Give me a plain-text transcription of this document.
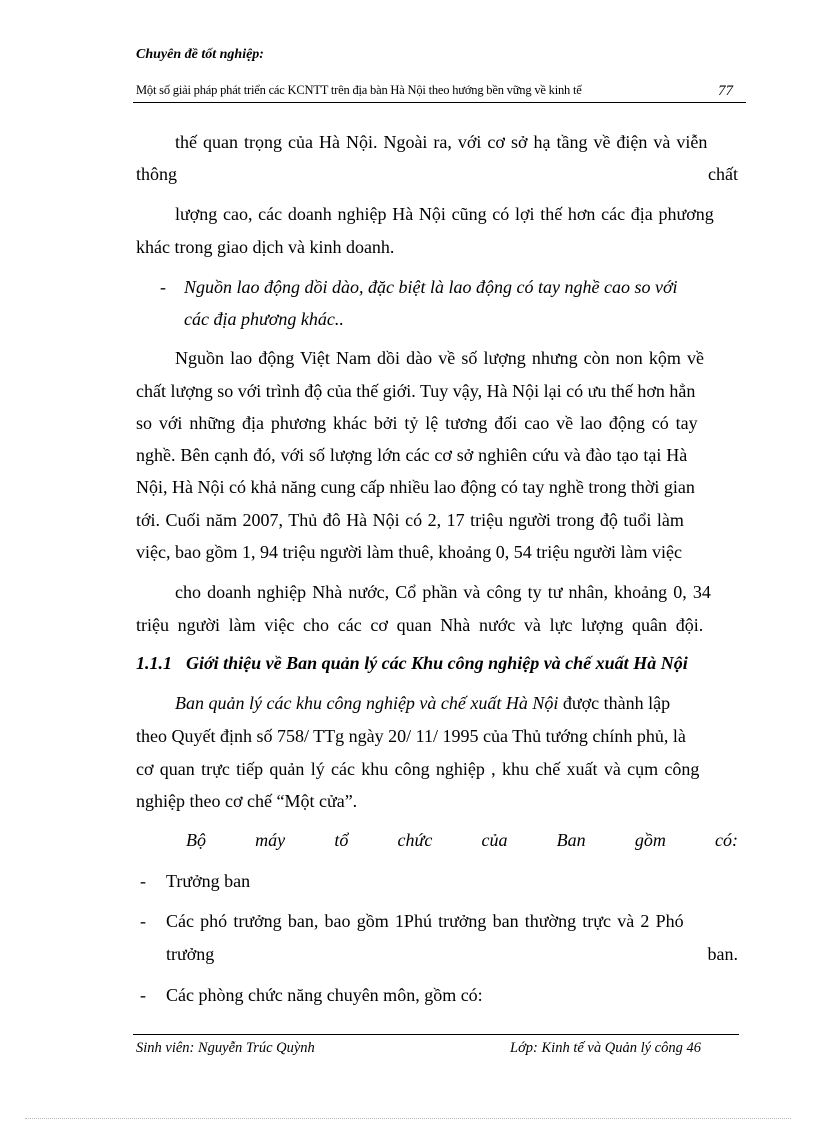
Chuyên đề tốt nghiệp:
Một số giải pháp phát triển các KCNTT trên địa bàn Hà Nội theo hướng bền vững về kinh tế	77
thế quan trọng của Hà Nội. Ngoài ra, với cơ sở hạ tầng về điện và viễn
thông	chất
lượng cao, các doanh nghiệp Hà Nội cũng có lợi thế hơn các địa phương
khác trong giao dịch và kinh doanh.
- Nguồn lao động dồi dào, đặc biệt là lao động có tay nghề cao so với
các địa phương khác..
Nguồn lao động Việt Nam dồi dào về số lượng nhưng còn non kộm về
chất lượng so với trình độ của thế giới. Tuy vậy, Hà Nội lại có ưu thế hơn hẳn
so với những địa phương khác bởi tỷ lệ tương đối cao về lao động có tay
nghề. Bên cạnh đó, với số lượng lớn các cơ sở nghiên cứu và đào tạo tại Hà
Nội, Hà Nội có khả năng cung cấp nhiều lao động có tay nghề trong thời gian
tới. Cuối năm 2007, Thủ đô Hà Nội có 2, 17 triệu người trong độ tuổi làm
việc, bao gồm 1, 94 triệu người làm thuê, khoảng 0, 54 triệu người làm việc
cho doanh nghiệp Nhà nước, Cổ phần và công ty tư nhân, khoảng 0, 34
triệu người làm việc cho các cơ quan Nhà nước và lực lượng quân đội.
1.1.1 Giới thiệu về Ban quản lý các Khu công nghiệp và chế xuất Hà Nội
Ban quản lý các khu công nghiệp và chế xuất Hà Nội được thành lập
theo Quyết định số 758/ TTg ngày 20/ 11/ 1995 của Thủ tướng chính phủ, là
cơ quan trực tiếp quản lý các khu công nghiệp , khu chế xuất và cụm công
nghiệp theo cơ chế “Một cửa”.
Bộ	máy	tổ	chức	của	Ban	gồm	có:
- Trưởng ban
- Các phó trưởng ban, bao gồm 1Phú trưởng ban thường trực và 2 Phó
trưởng	ban.
- Các phòng chức năng chuyên môn, gồm có:
Sinh viên: Nguyễn Trúc Quỳnh	Lớp: Kinh tế và Quản lý công 46
